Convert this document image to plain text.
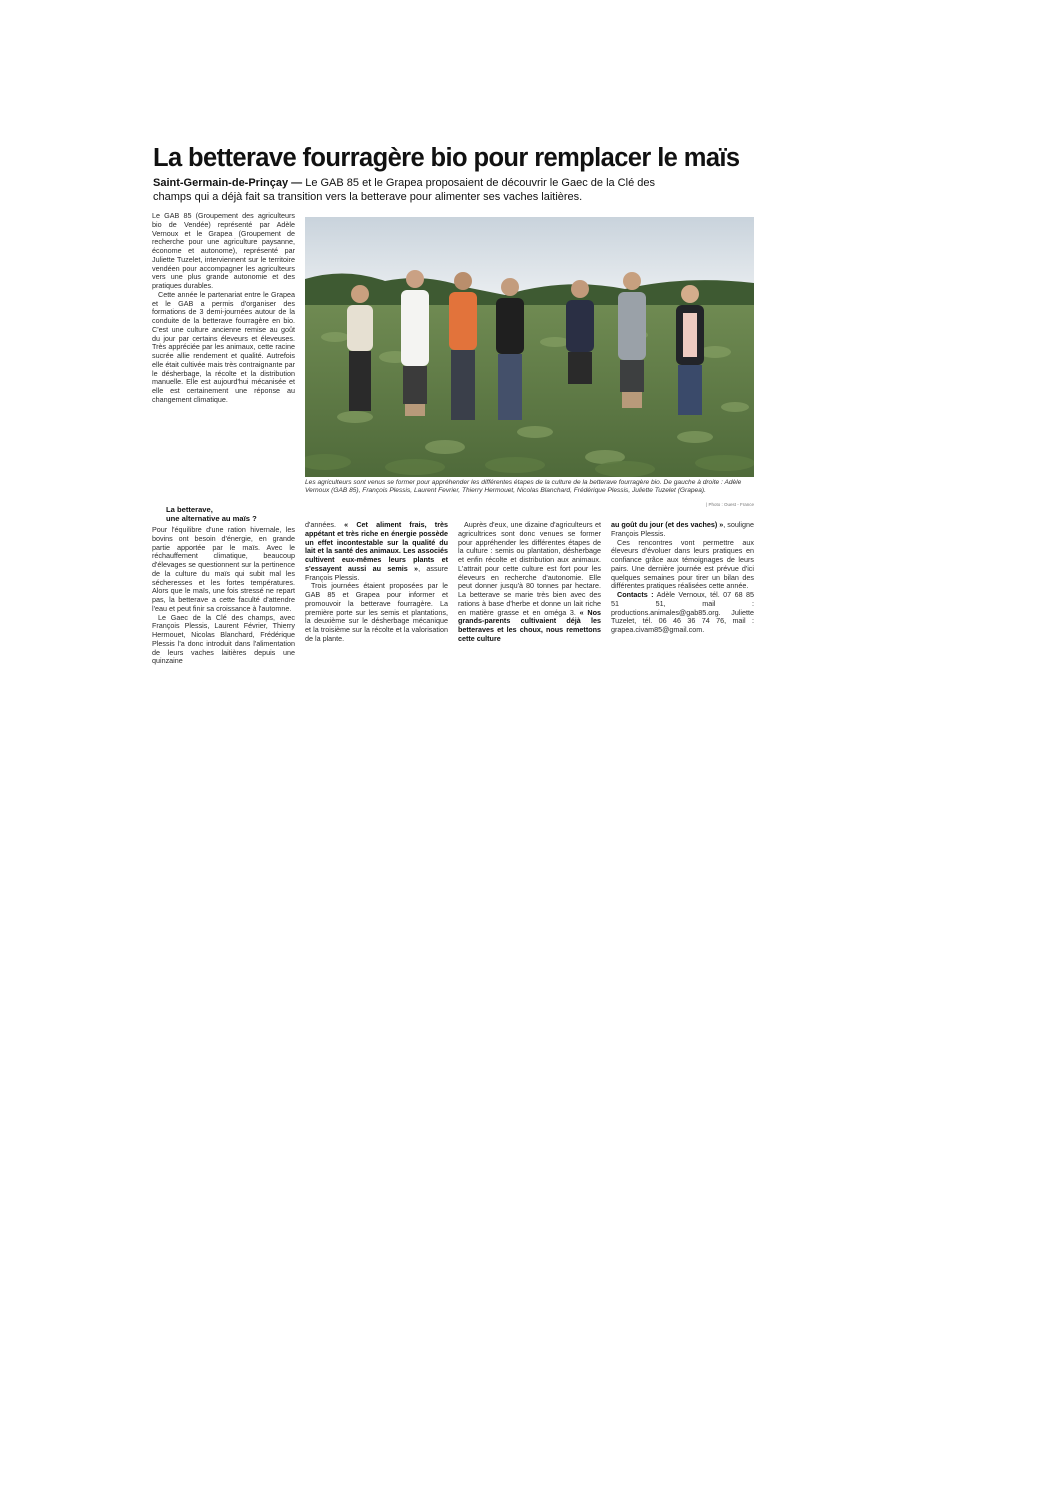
La betterave fourragère bio pour remplacer le maïs
Saint-Germain-de-Prinçay — Le GAB 85 et le Grapea proposaient de découvrir le Gaec de la Clé des champs qui a déjà fait sa transition vers la betterave pour alimenter ses vaches laitières.

Le GAB 85 (Groupement des agriculteurs bio de Vendée) représenté par Adèle Vernoux et le Grapea (Groupement de recherche pour une agriculture paysanne, économe et autonome), représenté par Juliette Tuzelet, interviennent sur le territoire vendéen pour accompagner les agriculteurs vers une plus grande autonomie et des pratiques durables.

Cette année le partenariat entre le Grapea et le GAB a permis d'organiser des formations de 3 demi-journées autour de la conduite de la betterave fourragère en bio. C'est une culture ancienne remise au goût du jour par certains éleveurs et éleveuses. Très appréciée par les animaux, cette racine sucrée allie rendement et qualité. Autrefois elle était cultivée mais très contraignante par le désherbage, la récolte et la distribution manuelle. Elle est aujourd'hui mécanisée et elle est certainement une réponse au changement climatique.

La betterave,
une alternative au maïs ?

Pour l'équilibre d'une ration hivernale, les bovins ont besoin d'énergie, en grande partie apportée par le maïs. Avec le réchauffement climatique, beaucoup d'élevages se questionnent sur la pertinence de la culture du maïs qui subit mal les sécheresses et les fortes températures. Alors que le maïs, une fois stressé ne repart pas, la betterave a cette faculté d'attendre l'eau et peut finir sa croissance à l'automne.

Le Gaec de la Clé des champs, avec François Plessis, Laurent Février, Thierry Hermouet, Nicolas Blanchard, Frédérique Plessis l'a donc introduit dans l'alimentation de leurs vaches laitières depuis une quinzaine

Les agriculteurs sont venus se former pour appréhender les différentes étapes de la culture de la betterave fourragère bio. De gauche à droite : Adèle Vernoux (GAB 85), François Plessis, Laurent Fevrier, Thierry Hermouet, Nicolas Blanchard, Frédérique Plessis, Juliette Tuzelet (Grapea).
| Photo : Ouest - France

d'années. « Cet aliment frais, très appétant et très riche en énergie possède un effet incontestable sur la qualité du lait et la santé des animaux. Les associés cultivent eux-mêmes leurs plants et s'essayent aussi au semis », assure François Plessis.

Trois journées étaient proposées par le GAB 85 et Grapea pour informer et promouvoir la betterave fourragère. La première porte sur les semis et plantations, la deuxième sur le désherbage mécanique et la troisième sur la récolte et la valorisation de la plante.

Auprès d'eux, une dizaine d'agriculteurs et agricultrices sont donc venues se former pour appréhender les différentes étapes de la culture : semis ou plantation, désherbage et enfin récolte et distribution aux animaux. L'attrait pour cette culture est fort pour les éleveurs en recherche d'autonomie. Elle peut donner jusqu'à 80 tonnes par hectare. La betterave se marie très bien avec des rations à base d'herbe et donne un lait riche en matière grasse et en oméga 3. « Nos grands-parents cultivaient déjà les betteraves et les choux, nous remettons cette culture

au goût du jour (et des vaches) », souligne François Plessis.

Ces rencontres vont permettre aux éleveurs d'évoluer dans leurs pratiques en confiance grâce aux témoignages de leurs pairs. Une dernière journée est prévue d'ici quelques semaines pour tirer un bilan des différentes pratiques réalisées cette année.

Contacts : Adèle Vernoux, tél. 07 68 85 51 51, mail : productions.animales@gab85.org. Juliette Tuzelet, tél. 06 46 36 74 76, mail : grapea.civam85@gmail.com.
